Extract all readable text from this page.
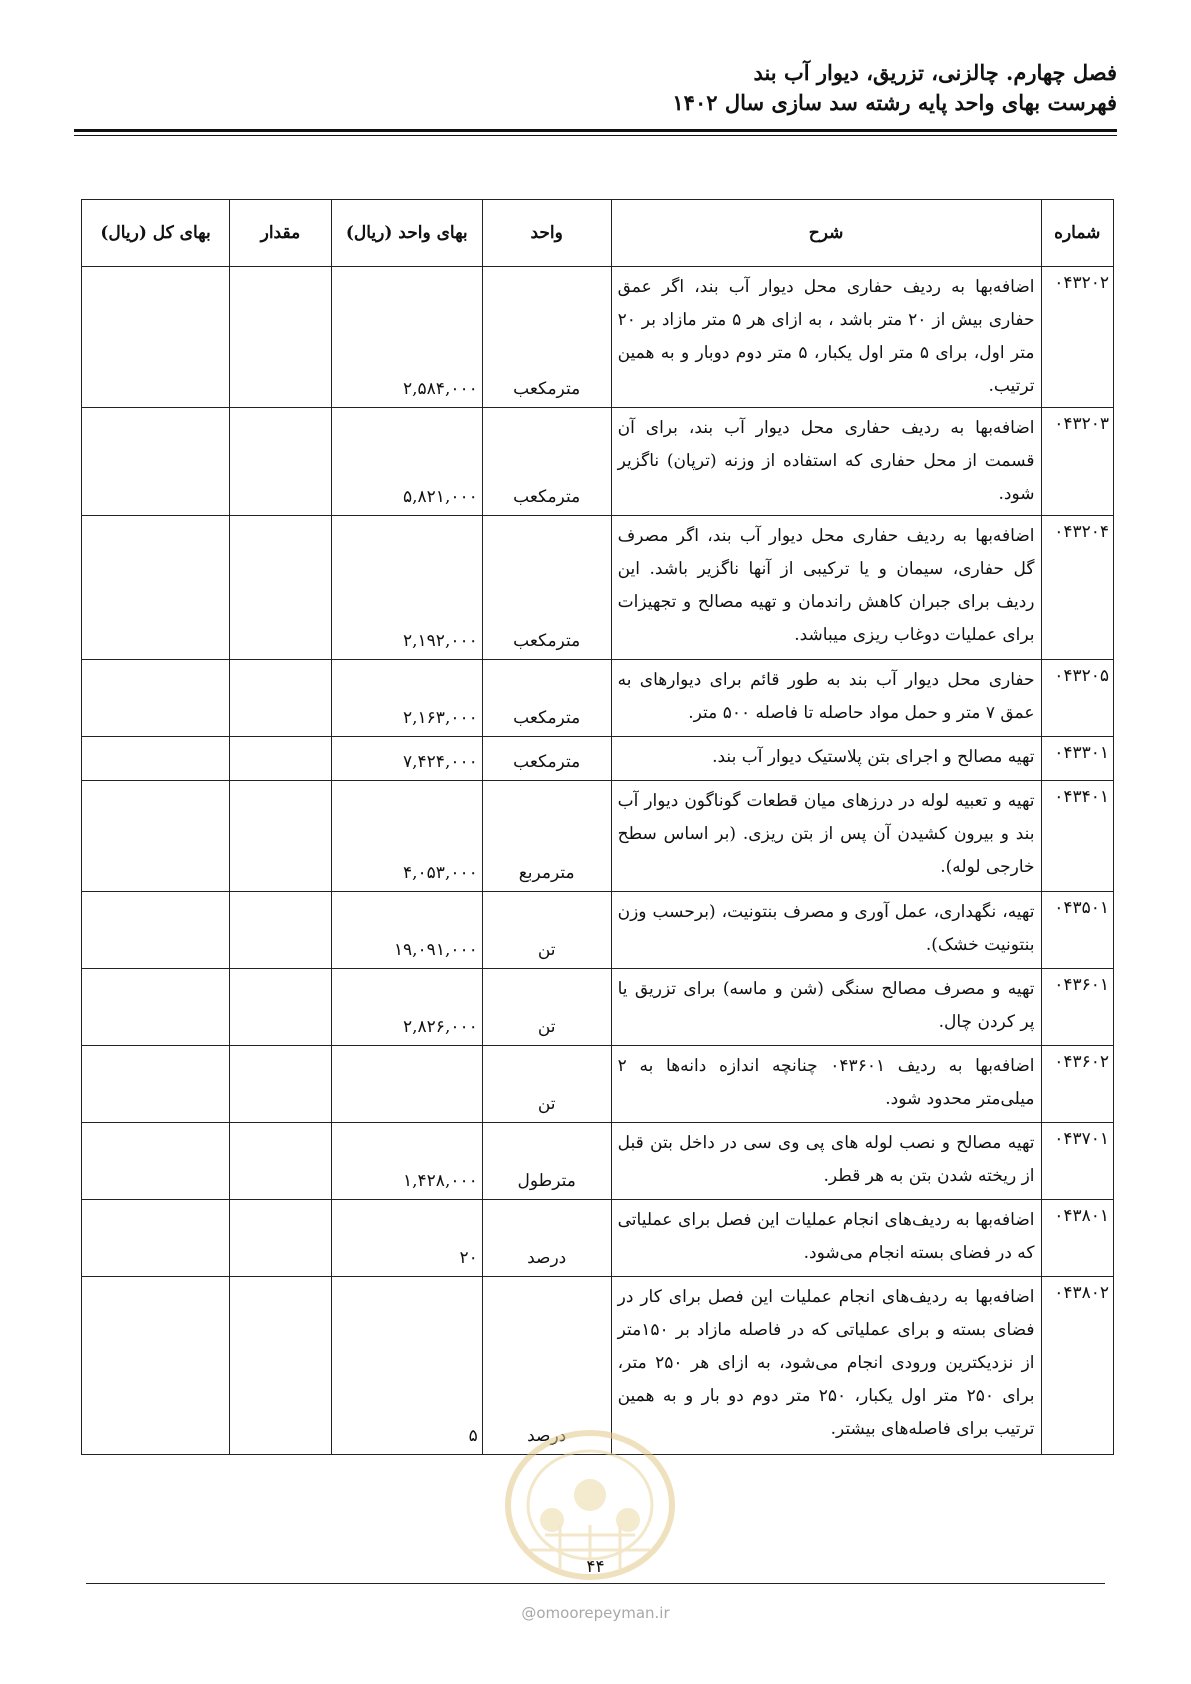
فصل چهارم. چالزنی، تزریق، دیوار آب بند
فهرست بهای واحد پایه رشته سد سازی سال ۱۴۰۲
شماره	شرح	واحد	بهای واحد (ریال)	مقدار	بهای کل (ریال)
۰۴۳۲۰۲	اضافه‌بها به ردیف حفاری محل دیوار آب بند، اگر عمق حفاری بیش از ۲۰ متر باشد ، به ازای هر ۵ متر مازاد بر ۲۰ متر اول، برای ۵ متر اول یکبار، ۵ متر دوم دوبار و به همین ترتیب.	مترمکعب	۲,۵۸۴,۰۰۰		
۰۴۳۲۰۳	اضافه‌بها به ردیف حفاری محل دیوار آب بند، برای آن قسمت از محل حفاری که استفاده از وزنه (ترپان) ناگزیر شود.	مترمکعب	۵,۸۲۱,۰۰۰		
۰۴۳۲۰۴	اضافه‌بها به ردیف حفاری محل دیوار آب بند، اگر مصرف گل حفاری، سیمان و یا ترکیبی از آنها ناگزیر باشد. این ردیف برای جبران کاهش راندمان و تهیه مصالح و تجهیزات برای عملیات دوغاب ریزی میباشد.	مترمکعب	۲,۱۹۲,۰۰۰		
۰۴۳۲۰۵	حفاری محل دیوار آب بند به طور قائم برای دیوارهای به عمق ۷ متر و حمل مواد حاصله تا فاصله ۵۰۰ متر.	مترمکعب	۲,۱۶۳,۰۰۰		
۰۴۳۳۰۱	تهیه مصالح و اجرای بتن پلاستیک دیوار آب بند.	مترمکعب	۷,۴۲۴,۰۰۰		
۰۴۳۴۰۱	تهیه و تعبیه لوله در درزهای میان قطعات گوناگون دیوار آب بند و بیرون کشیدن آن پس از بتن ریزی. (بر اساس سطح خارجی لوله).	مترمربع	۴,۰۵۳,۰۰۰		
۰۴۳۵۰۱	تهیه، نگهداری، عمل آوری و مصرف بنتونیت، (برحسب وزن بنتونیت خشک).	تن	۱۹,۰۹۱,۰۰۰		
۰۴۳۶۰۱	تهیه و مصرف مصالح سنگی (شن و ماسه) برای تزریق یا پر کردن چال.	تن	۲,۸۲۶,۰۰۰		
۰۴۳۶۰۲	اضافه‌بها به ردیف ۰۴۳۶۰۱ چنانچه اندازه دانه‌ها به ۲ میلی‌متر محدود شود.	تن			
۰۴۳۷۰۱	تهیه مصالح و نصب لوله های پی وی سی در داخل بتن قبل از ریخته شدن بتن به هر قطر.	مترطول	۱,۴۲۸,۰۰۰		
۰۴۳۸۰۱	اضافه‌بها به ردیف‌های انجام عملیات این فصل برای عملیاتی که در فضای بسته انجام می‌شود.	درصد	۲۰		
۰۴۳۸۰۲	اضافه‌بها به ردیف‌های انجام عملیات این فصل برای کار در فضای بسته و برای عملیاتی که در فاصله مازاد بر ۱۵۰متر از نزدیکترین ورودی انجام می‌شود، به ازای هر ۲۵۰ متر، برای ۲۵۰ متر اول یکبار، ۲۵۰ متر دوم دو بار و به همین ترتیب برای فاصله‌های بیشتر.	درصد	۵		
۴۴
@omoorepeyman.ir
